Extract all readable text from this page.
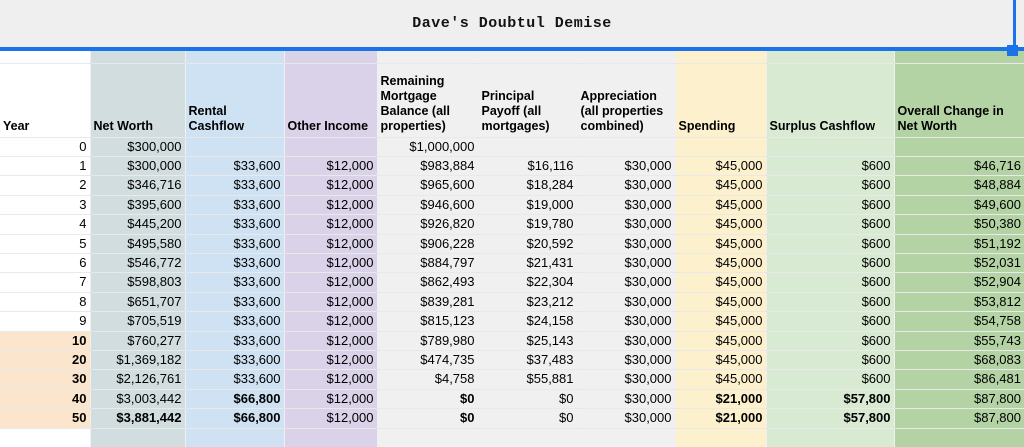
Dave's Doubtul Demise

Year	Net Worth	Rental Cashflow	Other Income	Remaining Mortgage Balance (all properties)	Principal Payoff (all mortgages)	Appreciation (all properties combined)	Spending	Surplus Cashflow	Overall Change in Net Worth
0	$300,000			$1,000,000					
1	$300,000	$33,600	$12,000	$983,884	$16,116	$30,000	$45,000	$600	$46,716
2	$346,716	$33,600	$12,000	$965,600	$18,284	$30,000	$45,000	$600	$48,884
3	$395,600	$33,600	$12,000	$946,600	$19,000	$30,000	$45,000	$600	$49,600
4	$445,200	$33,600	$12,000	$926,820	$19,780	$30,000	$45,000	$600	$50,380
5	$495,580	$33,600	$12,000	$906,228	$20,592	$30,000	$45,000	$600	$51,192
6	$546,772	$33,600	$12,000	$884,797	$21,431	$30,000	$45,000	$600	$52,031
7	$598,803	$33,600	$12,000	$862,493	$22,304	$30,000	$45,000	$600	$52,904
8	$651,707	$33,600	$12,000	$839,281	$23,212	$30,000	$45,000	$600	$53,812
9	$705,519	$33,600	$12,000	$815,123	$24,158	$30,000	$45,000	$600	$54,758
10	$760,277	$33,600	$12,000	$789,980	$25,143	$30,000	$45,000	$600	$55,743
20	$1,369,182	$33,600	$12,000	$474,735	$37,483	$30,000	$45,000	$600	$68,083
30	$2,126,761	$33,600	$12,000	$4,758	$55,881	$30,000	$45,000	$600	$86,481
40	$3,003,442	$66,800	$12,000	$0	$0	$30,000	$21,000	$57,800	$87,800
50	$3,881,442	$66,800	$12,000	$0	$0	$30,000	$21,000	$57,800	$87,800
